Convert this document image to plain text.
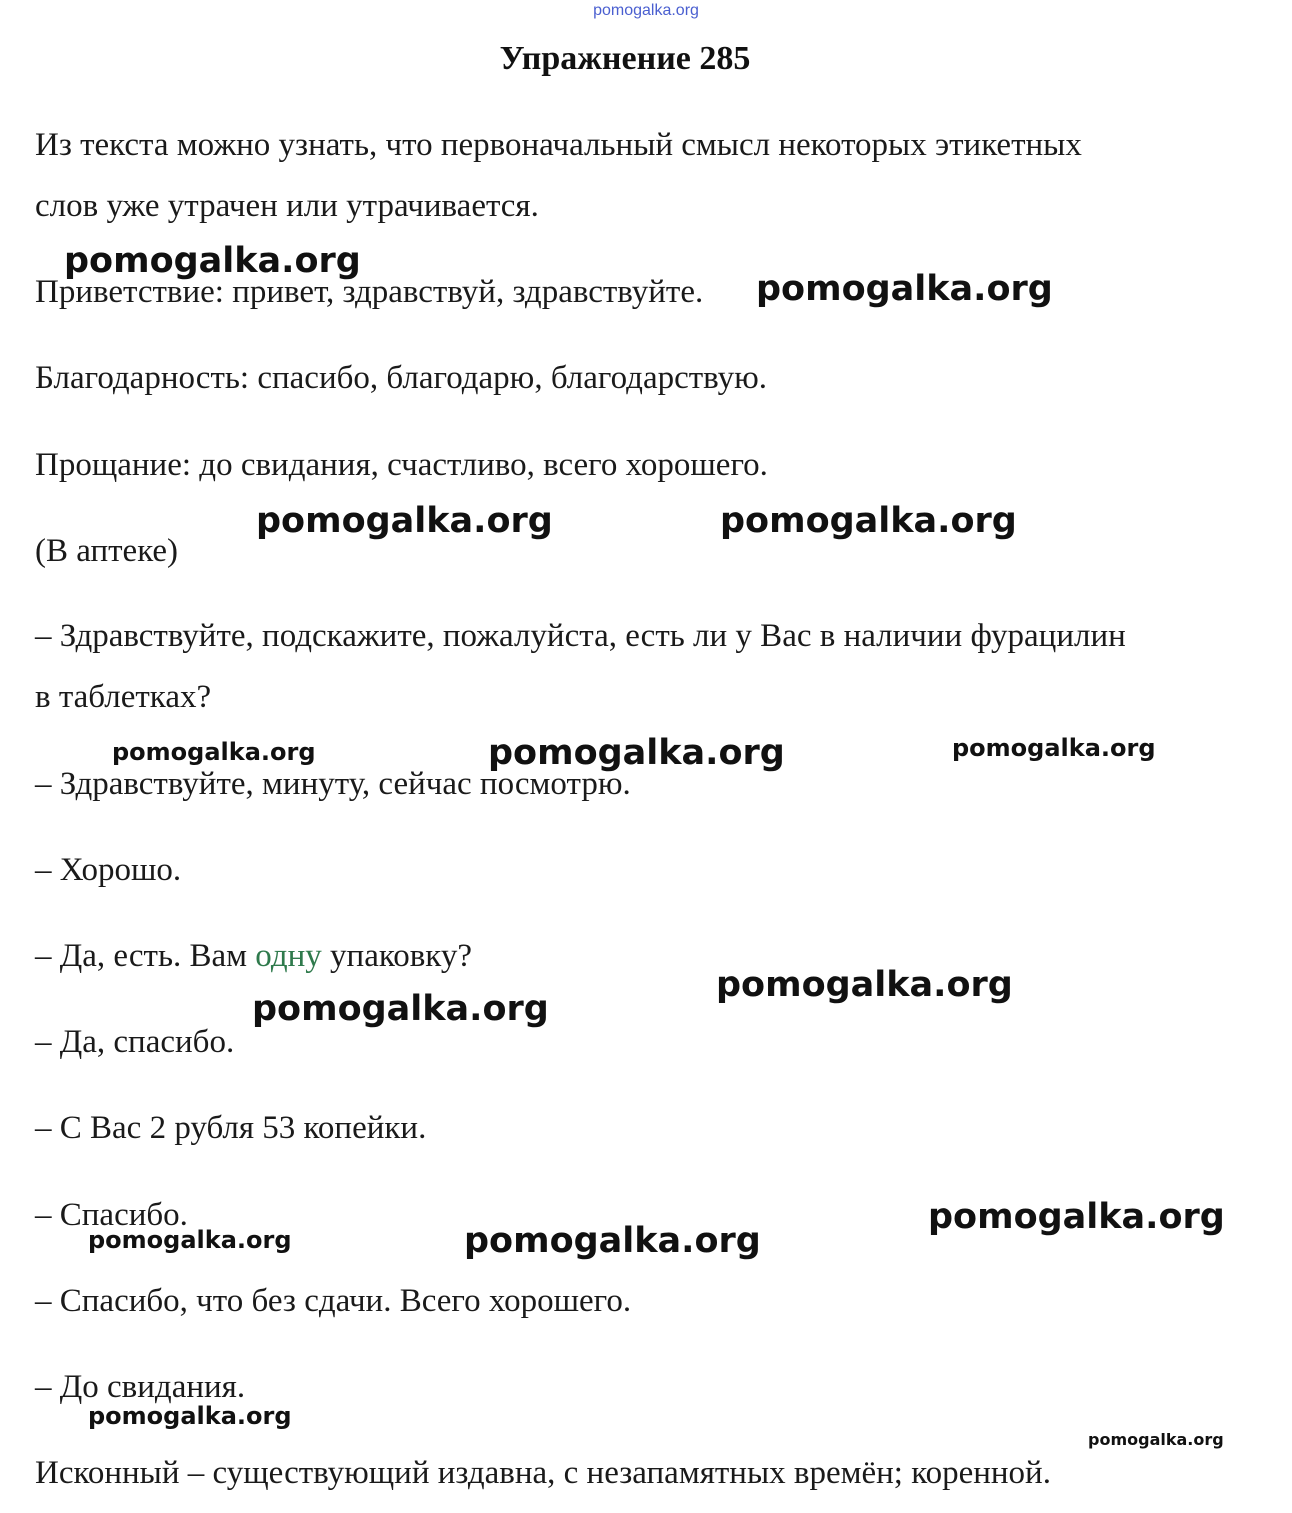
pomogalka.org
Упражнение 285
Из текста можно узнать, что первоначальный смысл некоторых этикетных
слов уже утрачен или утрачивается.
Приветствие: привет, здравствуй, здравствуйте.
Благодарность: спасибо, благодарю, благодарствую.
Прощание: до свидания, счастливо, всего хорошего.
(В аптеке)
– Здравствуйте, подскажите, пожалуйста, есть ли у Вас в наличии фурацилин
в таблетках?
– Здравствуйте, минуту, сейчас посмотрю.
– Хорошо.
– Да, есть. Вам одну упаковку?
– Да, спасибо.
– С Вас 2 рубля 53 копейки.
– Спасибо.
– Спасибо, что без сдачи. Всего хорошего.
– До свидания.
Исконный – существующий издавна, с незапамятных времён; коренной.
pomogalka.org
pomogalka.org
pomogalka.org	pomogalka.org
pomogalka.org	pomogalka.org	pomogalka.org
pomogalka.org
pomogalka.org
pomogalka.org
pomogalka.org	pomogalka.org
pomogalka.org
pomogalka.org
